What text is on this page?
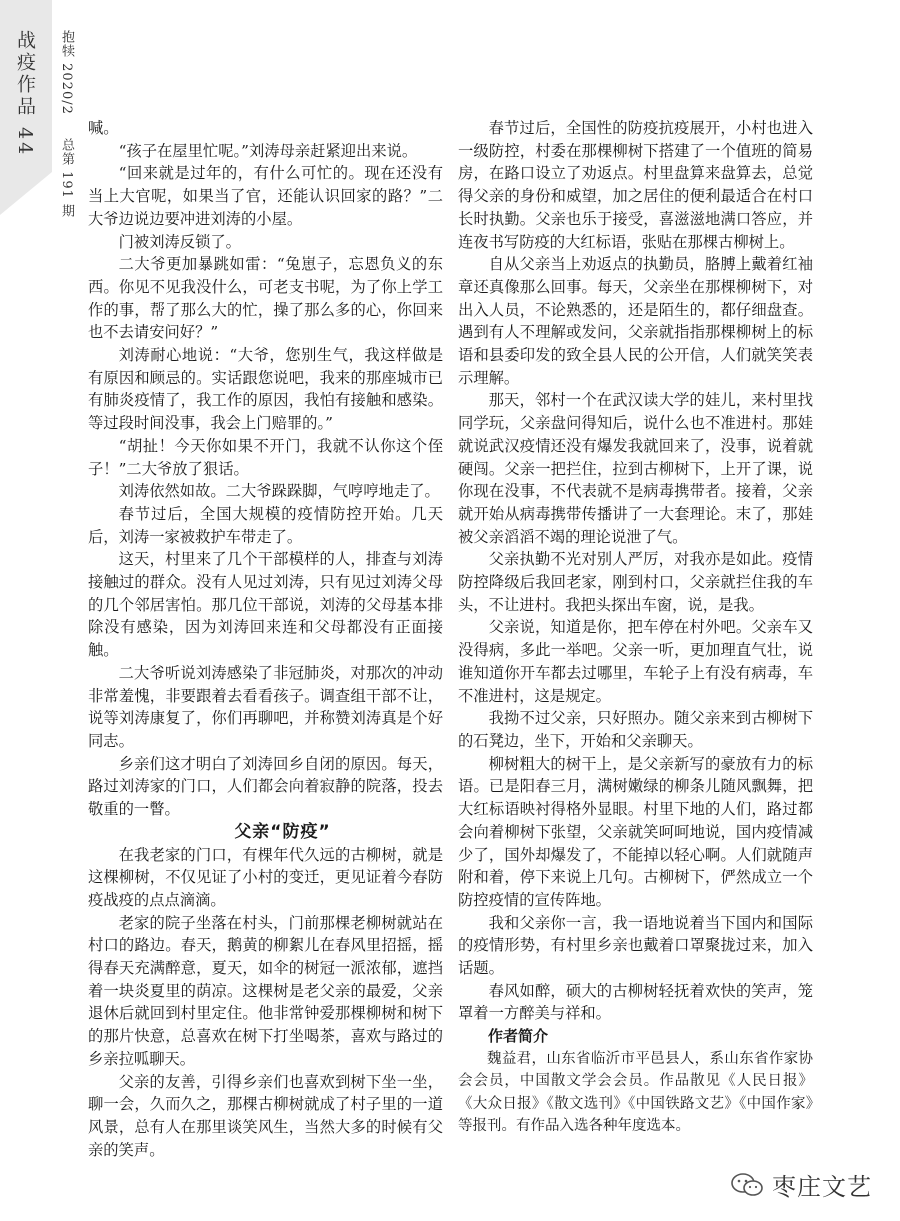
战疫作品 44 抱犊 2020/2
总第 191 期

喊。

“孩子在屋里忙呢。”刘涛母亲赶紧迎出来说。

“回来就是过年的，有什么可忙的。现在还没有当上大官呢，如果当了官，还能认识回家的路？”二大爷边说边要冲进刘涛的小屋。

门被刘涛反锁了。

二大爷更加暴跳如雷：“兔崽子，忘恩负义的东西。你见不见我没什么，可老支书呢，为了你上学工作的事，帮了那么大的忙，操了那么多的心，你回来也不去请安问好？”

刘涛耐心地说：“大爷，您别生气，我这样做是有原因和顾忌的。实话跟您说吧，我来的那座城市已有肺炎疫情了，我工作的原因，我怕有接触和感染。等过段时间没事，我会上门赔罪的。”

“胡扯！今天你如果不开门，我就不认你这个侄子！”二大爷放了狠话。

刘涛依然如故。二大爷跺跺脚，气哼哼地走了。

春节过后，全国大规模的疫情防控开始。几天后，刘涛一家被救护车带走了。

这天，村里来了几个干部模样的人，排查与刘涛接触过的群众。没有人见过刘涛，只有见过刘涛父母的几个邻居害怕。那几位干部说，刘涛的父母基本排除没有感染，因为刘涛回来连和父母都没有正面接触。

二大爷听说刘涛感染了非冠肺炎，对那次的冲动非常羞愧，非要跟着去看看孩子。调查组干部不让，说等刘涛康复了，你们再聊吧，并称赞刘涛真是个好同志。

乡亲们这才明白了刘涛回乡自闭的原因。每天，路过刘涛家的门口，人们都会向着寂静的院落，投去敬重的一瞥。

父亲“防疫”

在我老家的门口，有棵年代久远的古柳树，就是这棵柳树，不仅见证了小村的变迁，更见证着今春防疫战疫的点点滴滴。

老家的院子坐落在村头，门前那棵老柳树就站在村口的路边。春天，鹅黄的柳絮儿在春风里招摇，摇得春天充满醉意，夏天，如伞的树冠一派浓郁，遮挡着一块炎夏里的荫凉。这棵树是老父亲的最爱，父亲退休后就回到村里定住。他非常钟爱那棵柳树和树下的那片快意，总喜欢在树下打坐喝茶，喜欢与路过的乡亲拉呱聊天。

父亲的友善，引得乡亲们也喜欢到树下坐一坐，聊一会，久而久之，那棵古柳树就成了村子里的一道风景，总有人在那里谈笑风生，当然大多的时候有父亲的笑声。

春节过后，全国性的防疫抗疫展开，小村也进入一级防控，村委在那棵柳树下搭建了一个值班的简易房，在路口设立了劝返点。村里盘算来盘算去，总觉得父亲的身份和威望，加之居住的便利最适合在村口长时执勤。父亲也乐于接受，喜滋滋地满口答应，并连夜书写防疫的大红标语，张贴在那棵古柳树上。

自从父亲当上劝返点的执勤员，胳膊上戴着红袖章还真像那么回事。每天，父亲坐在那棵柳树下，对出入人员，不论熟悉的，还是陌生的，都仔细盘查。遇到有人不理解或发问，父亲就指指那棵柳树上的标语和县委印发的致全县人民的公开信，人们就笑笑表示理解。

那天，邻村一个在武汉读大学的娃儿，来村里找同学玩，父亲盘问得知后，说什么也不准进村。那娃就说武汉疫情还没有爆发我就回来了，没事，说着就硬闯。父亲一把拦住，拉到古柳树下，上开了课，说你现在没事，不代表就不是病毒携带者。接着，父亲就开始从病毒携带传播讲了一大套理论。末了，那娃被父亲滔滔不竭的理论说泄了气。

父亲执勤不光对别人严厉，对我亦是如此。疫情防控降级后我回老家，刚到村口，父亲就拦住我的车头，不让进村。我把头探出车窗，说，是我。

父亲说，知道是你，把车停在村外吧。父亲车又没得病，多此一举吧。父亲一听，更加理直气壮，说谁知道你开车都去过哪里，车轮子上有没有病毒，车不准进村，这是规定。

我拗不过父亲，只好照办。随父亲来到古柳树下的石凳边，坐下，开始和父亲聊天。

柳树粗大的树干上，是父亲新写的豪放有力的标语。已是阳春三月，满树嫩绿的柳条儿随风飘舞，把大红标语映衬得格外显眼。村里下地的人们，路过都会向着柳树下张望，父亲就笑呵呵地说，国内疫情减少了，国外却爆发了，不能掉以轻心啊。人们就随声附和着，停下来说上几句。古柳树下，俨然成立一个防控疫情的宣传阵地。

我和父亲你一言，我一语地说着当下国内和国际的疫情形势，有村里乡亲也戴着口罩聚拢过来，加入话题。

春风如醉，硕大的古柳树轻抚着欢快的笑声，笼罩着一方醉美与祥和。

作者简介

魏益君，山东省临沂市平邑县人，系山东省作家协会会员，中国散文学会会员。作品散见《人民日报》《大众日报》《散文选刊》《中国铁路文艺》《中国作家》等报刊。有作品入选各种年度选本。

枣庄文艺
